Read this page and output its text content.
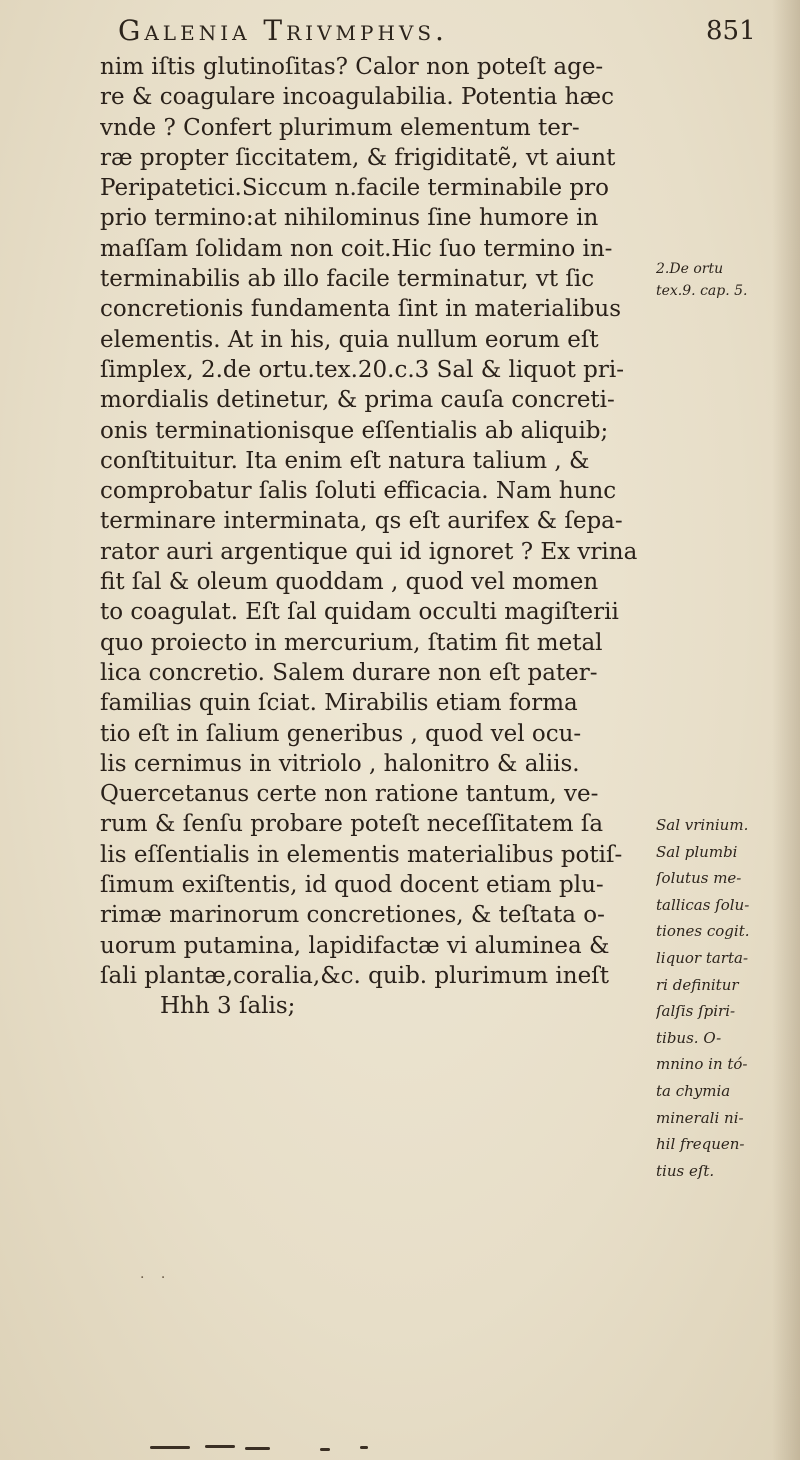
Galenia Trivmphvs.	851
nim iſtis glutinoſitas? Calor non poteſt age-
re & coagulare incoagulabilia. Potentia hæc
vnde ? Confert plurimum elementum ter-
ræ propter ſiccitatem, & frigiditatẽ, vt aiunt
Peripatetici.Siccum n.facile terminabile pro
prio termino:at nihilominus ſine humore in
maſſam ſolidam non coit.Hic ſuo termino in-
terminabilis ab illo facile terminatur, vt ſic
concretionis fundamenta ſint in materialibus
elementis. At in his, quia nullum eorum eſt
ſimplex, 2.de ortu.tex.20.c.3 Sal & liquot pri-
mordialis detinetur, & prima cauſa concreti-
onis terminationisque eſſentialis ab aliquib;
conſtituitur. Ita enim eſt natura talium , &
comprobatur ſalis ſoluti efficacia. Nam hunc
terminare interminata, qs eſt aurifex & ſepa-
rator auri argentique qui id ignoret ? Ex vrina
fit ſal & oleum quoddam , quod vel momen
to coagulat. Eſt ſal quidam occulti magiſterii
quo proiecto in mercurium, ſtatim fit metal
lica concretio. Salem durare non eſt pater-
familias quin ſciat. Mirabilis etiam forma
tio eſt in ſalium generibus , quod vel ocu-
lis cernimus in vitriolo , halonitro & aliis.
Quercetanus certe non ratione tantum, ve-
rum & ſenſu probare poteſt neceſſitatem ſa
lis eſſentialis in elementis materialibus potiſ-
ſimum exiſtentis, id quod docent etiam plu-
rimæ marinorum concretiones, & teſtata o-
uorum putamina, lapidifactæ vi aluminea &
ſali plantæ,coralia,&c. quib. plurimum ineſt
Hhh 3 ſalis;
2.De ortu
tex.9. cap. 5.
Sal vrinium.
Sal plumbi
ſolutus me-
tallicas ſolu-
tiones cogit.
liquor tarta-
ri definitur
ſalſis ſpiri-
tibus. O-
mnino in tó-
ta chymia
minerali ni-
hil frequen-
tius eſt.
· ·
